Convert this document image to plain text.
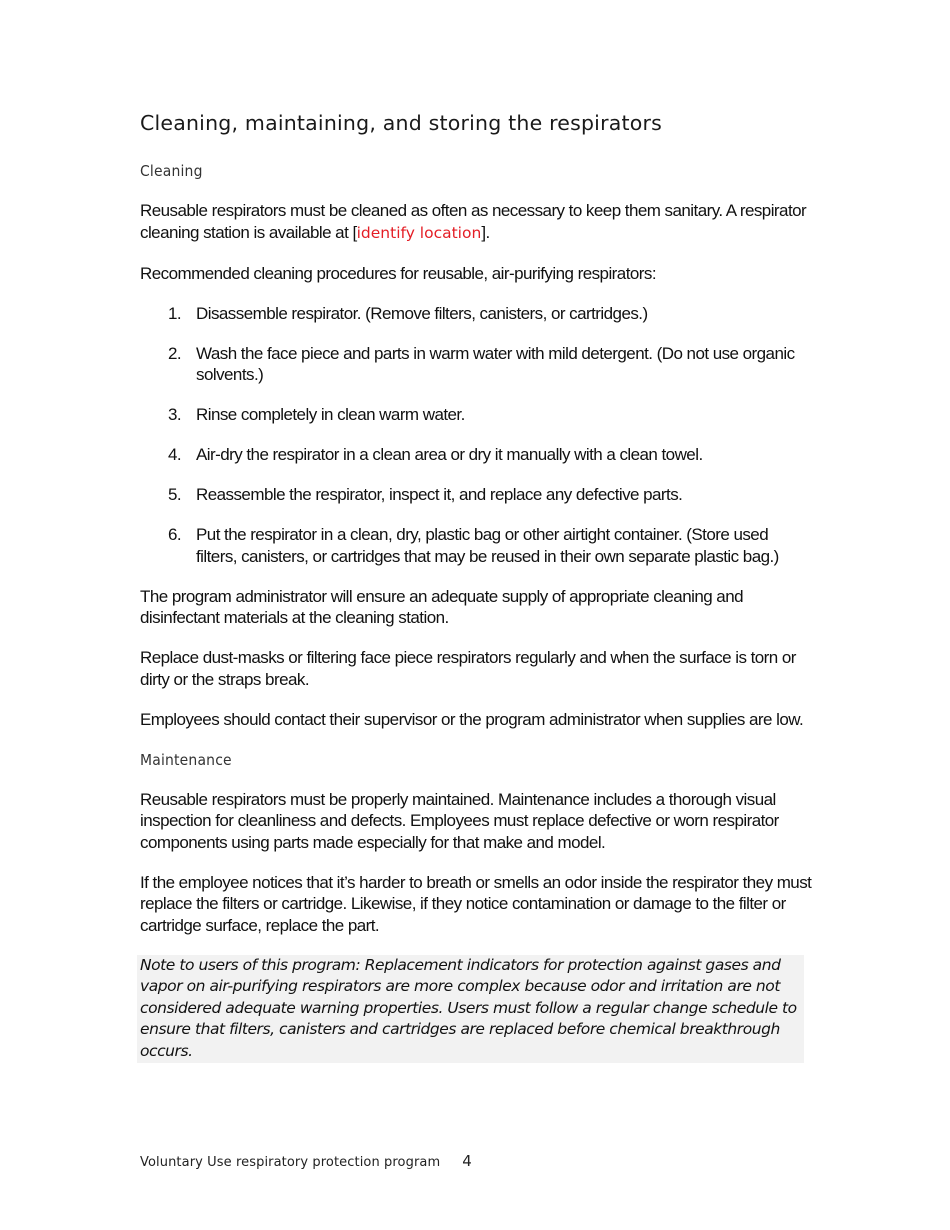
Cleaning, maintaining, and storing the respirators
Cleaning

Reusable respirators must be cleaned as often as necessary to keep them sanitary. A respirator cleaning station is available at [identify location].

Recommended cleaning procedures for reusable, air-purifying respirators:

1. Disassemble respirator. (Remove filters, canisters, or cartridges.)
2. Wash the face piece and parts in warm water with mild detergent. (Do not use organic solvents.)
3. Rinse completely in clean warm water.
4. Air-dry the respirator in a clean area or dry it manually with a clean towel.
5. Reassemble the respirator, inspect it, and replace any defective parts.
6. Put the respirator in a clean, dry, plastic bag or other airtight container. (Store used filters, canisters, or cartridges that may be reused in their own separate plastic bag.)

The program administrator will ensure an adequate supply of appropriate cleaning and disinfectant materials at the cleaning station.

Replace dust-masks or filtering face piece respirators regularly and when the surface is torn or dirty or the straps break.

Employees should contact their supervisor or the program administrator when supplies are low.

Maintenance

Reusable respirators must be properly maintained. Maintenance includes a thorough visual inspection for cleanliness and defects. Employees must replace defective or worn respirator components using parts made especially for that make and model.

If the employee notices that it’s harder to breath or smells an odor inside the respirator they must replace the filters or cartridge. Likewise, if they notice contamination or damage to the filter or cartridge surface, replace the part.

Note to users of this program: Replacement indicators for protection against gases and vapor on air-purifying respirators are more complex because odor and irritation are not considered adequate warning properties. Users must follow a regular change schedule to ensure that filters, canisters and cartridges are replaced before chemical breakthrough occurs.
Voluntary Use respiratory protection program 4
